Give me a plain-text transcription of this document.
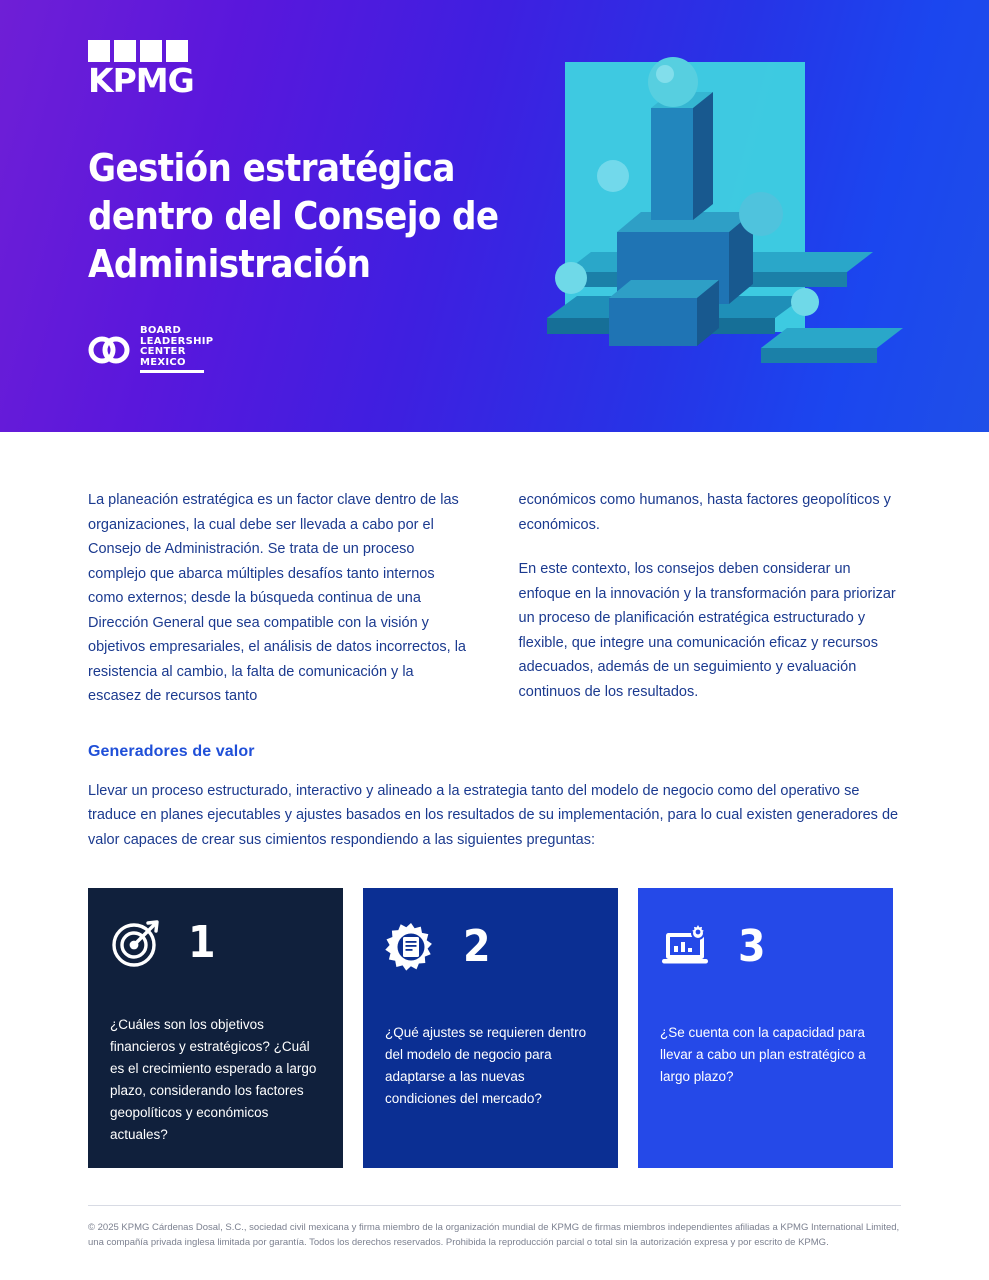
KPMG
Gestión estratégica dentro del Consejo de Administración
BOARD
LEADERSHIP
CENTER
MEXICO

La planeación estratégica es un factor clave dentro de las organizaciones, la cual debe ser llevada a cabo por el Consejo de Administración. Se trata de un proceso complejo que abarca múltiples desafíos tanto internos como externos; desde la búsqueda continua de una Dirección General que sea compatible con la visión y objetivos empresariales, el análisis de datos incorrectos, la resistencia al cambio, la falta de comunicación y la escasez de recursos tanto

económicos como humanos, hasta factores geopolíticos y económicos.

En este contexto, los consejos deben considerar un enfoque en la innovación y la transformación para priorizar un proceso de planificación estratégica estructurado y flexible, que integre una comunicación eficaz y recursos adecuados, además de un seguimiento y evaluación continuos de los resultados.

Generadores de valor
Llevar un proceso estructurado, interactivo y alineado a la estrategia tanto del modelo de negocio como del operativo se traduce en planes ejecutables y ajustes basados en los resultados de su implementación, para lo cual existen generadores de valor capaces de crear sus cimientos respondiendo a las siguientes preguntas:
1
¿Cuáles son los objetivos financieros y estratégicos? ¿Cuál es el crecimiento esperado a largo plazo, considerando los factores geopolíticos y económicos actuales?
2
¿Qué ajustes se requieren dentro del modelo de negocio para adaptarse a las nuevas condiciones del mercado?
3
¿Se cuenta con la capacidad para llevar a cabo un plan estratégico a largo plazo?
© 2025 KPMG Cárdenas Dosal, S.C., sociedad civil mexicana y firma miembro de la organización mundial de KPMG de firmas miembros independientes afiliadas a KPMG International Limited, una compañía privada inglesa limitada por garantía. Todos los derechos reservados. Prohibida la reproducción parcial o total sin la autorización expresa y por escrito de KPMG.
